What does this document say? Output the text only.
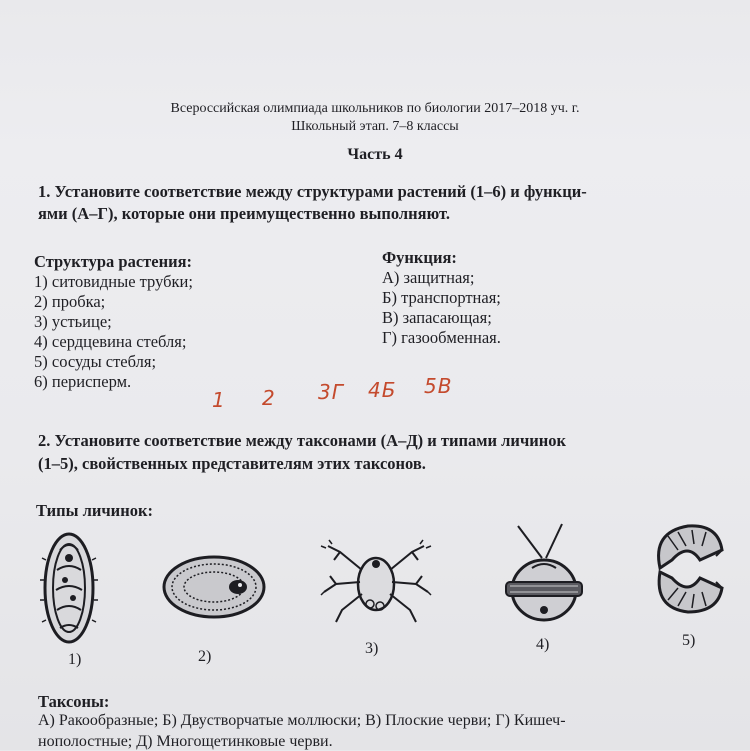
Всероссийская олимпиада школьников по биологии 2017–2018 уч. г.
Школьный этап. 7–8 классы
Часть 4
1. Установите соответствие между структурами растений (1–6) и функци-
ями (А–Г), которые они преимущественно выполняют.
Структура растения:
1) ситовидные трубки;
2) пробка;
3) устьице;
4) сердцевина стебля;
5) сосуды стебля;
6) перисперм.
Функция:
А) защитная;
Б) транспортная;
В) запасающая;
Г) газообменная.
1 2 3Г 4Б 5В
2. Установите соответствие между таксонами (А–Д) и типами личинок
(1–5), свойственных представителям этих таксонов.
Типы личинок:
1)	2)	3)	4)	5)
Таксоны:
А) Ракообразные; Б) Двустворчатые моллюски; В) Плоские черви; Г) Кишеч-
нополостные; Д) Многощетинковые черви.
